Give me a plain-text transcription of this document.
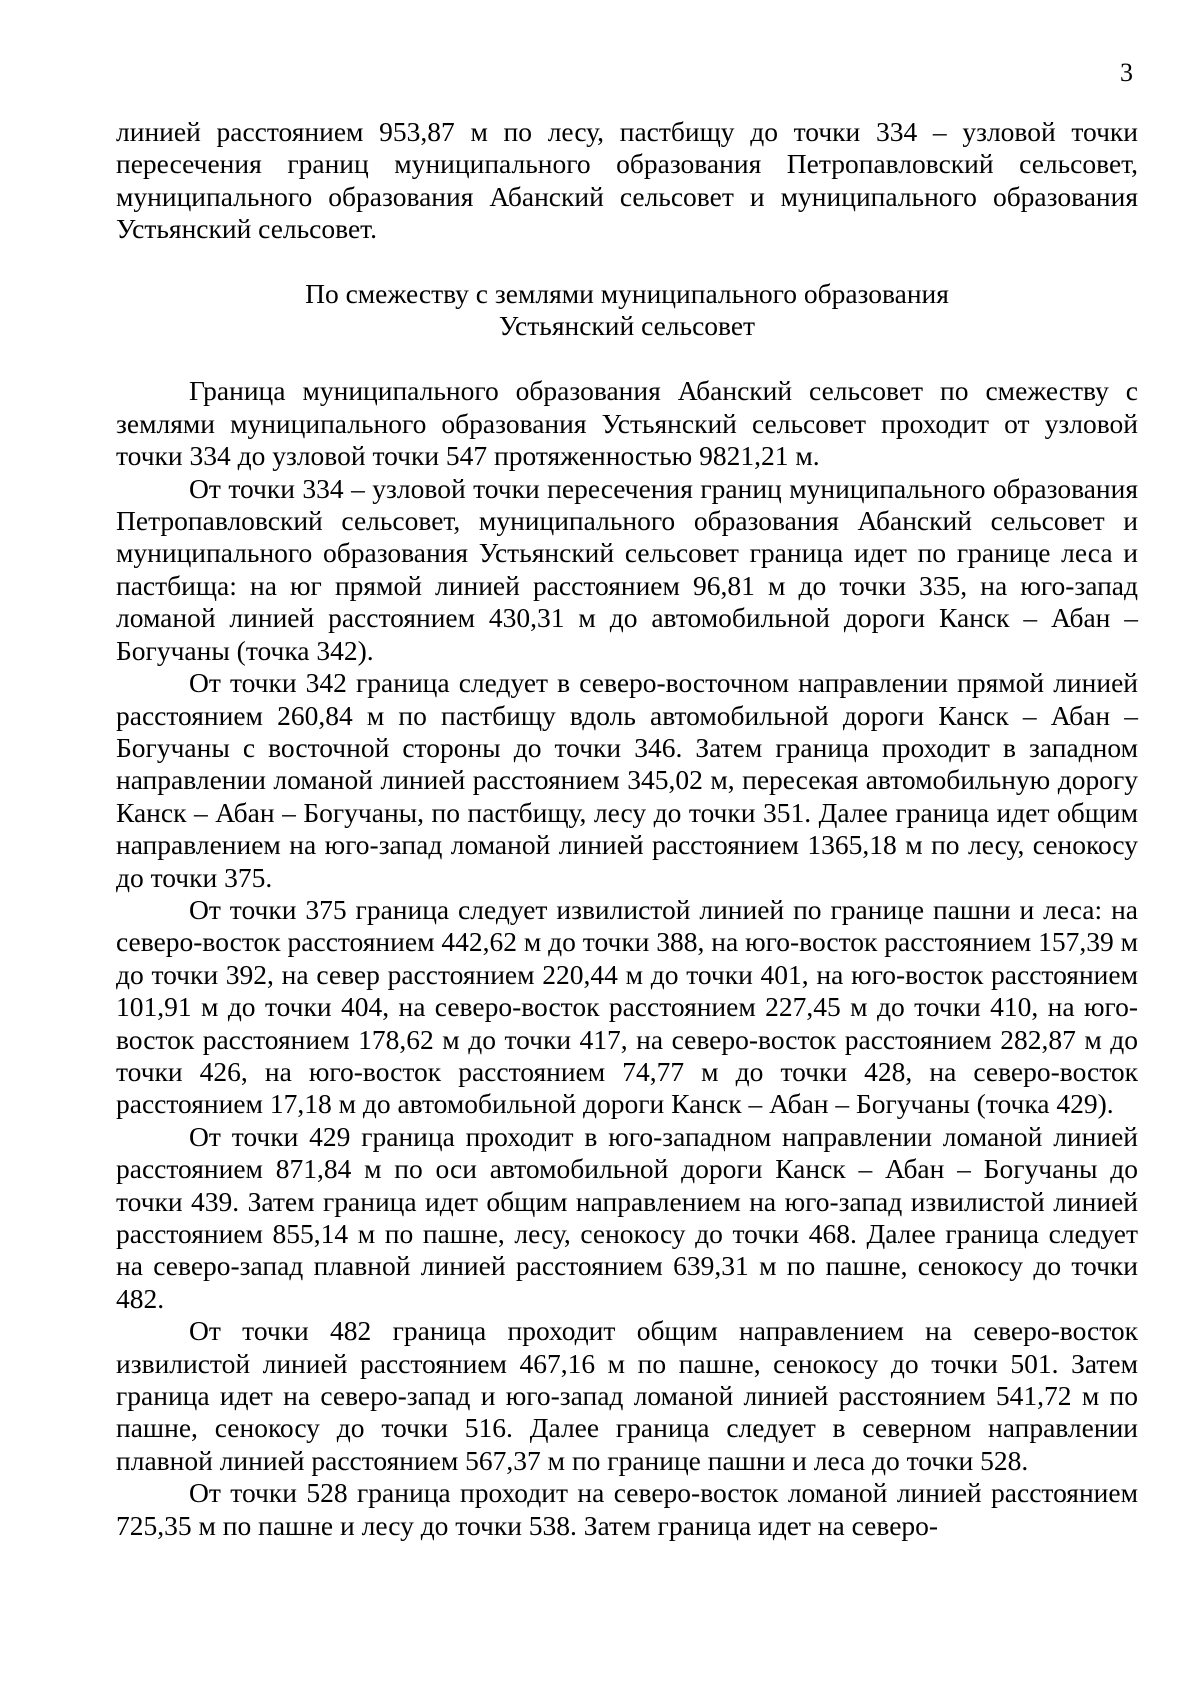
3

линией расстоянием 953,87 м по лесу, пастбищу до точки 334 – узловой точки пересечения границ муниципального образования Петропавловский сельсовет, муниципального образования Абанский сельсовет и муниципального образования Устьянский сельсовет.

По смежеству с землями муниципального образования
Устьянский сельсовет

Граница муниципального образования Абанский сельсовет по смежеству с землями муниципального образования Устьянский сельсовет проходит от узловой точки 334 до узловой точки 547 протяженностью 9821,21 м.

От точки 334 – узловой точки пересечения границ муниципального образования Петропавловский сельсовет, муниципального образования Абанский сельсовет и муниципального образования Устьянский сельсовет граница идет по границе леса и пастбища: на юг прямой линией расстоянием 96,81 м до точки 335, на юго-запад ломаной линией расстоянием 430,31 м до автомобильной дороги Канск – Абан – Богучаны (точка 342).

От точки 342 граница следует в северо-восточном направлении прямой линией расстоянием 260,84 м по пастбищу вдоль автомобильной дороги Канск – Абан – Богучаны с восточной стороны до точки 346. Затем граница проходит в западном направлении ломаной линией расстоянием 345,02 м, пересекая автомобильную дорогу Канск – Абан – Богучаны, по пастбищу, лесу до точки 351. Далее граница идет общим направлением на юго-запад ломаной линией расстоянием 1365,18 м по лесу, сенокосу до точки 375.

От точки 375 граница следует извилистой линией по границе пашни и леса: на северо-восток расстоянием 442,62 м до точки 388, на юго-восток расстоянием 157,39 м до точки 392, на север расстоянием 220,44 м до точки 401, на юго-восток расстоянием 101,91 м до точки 404, на северо-восток расстоянием 227,45 м до точки 410, на юго-восток расстоянием 178,62 м до точки 417, на северо-восток расстоянием 282,87 м до точки 426, на юго-восток расстоянием 74,77 м до точки 428, на северо-восток расстоянием 17,18 м до автомобильной дороги Канск – Абан – Богучаны (точка 429).

От точки 429 граница проходит в юго-западном направлении ломаной линией расстоянием 871,84 м по оси автомобильной дороги Канск – Абан – Богучаны до точки 439. Затем граница идет общим направлением на юго-запад извилистой линией расстоянием 855,14 м по пашне, лесу, сенокосу до точки 468. Далее граница следует на северо-запад плавной линией расстоянием 639,31 м по пашне, сенокосу до точки 482.

От точки 482 граница проходит общим направлением на северо-восток извилистой линией расстоянием 467,16 м по пашне, сенокосу до точки 501. Затем граница идет на северо-запад и юго-запад ломаной линией расстоянием 541,72 м по пашне, сенокосу до точки 516. Далее граница следует в северном направлении плавной линией расстоянием 567,37 м по границе пашни и леса до точки 528.

От точки 528 граница проходит на северо-восток ломаной линией расстоянием 725,35 м по пашне и лесу до точки 538. Затем граница идет на северо-
